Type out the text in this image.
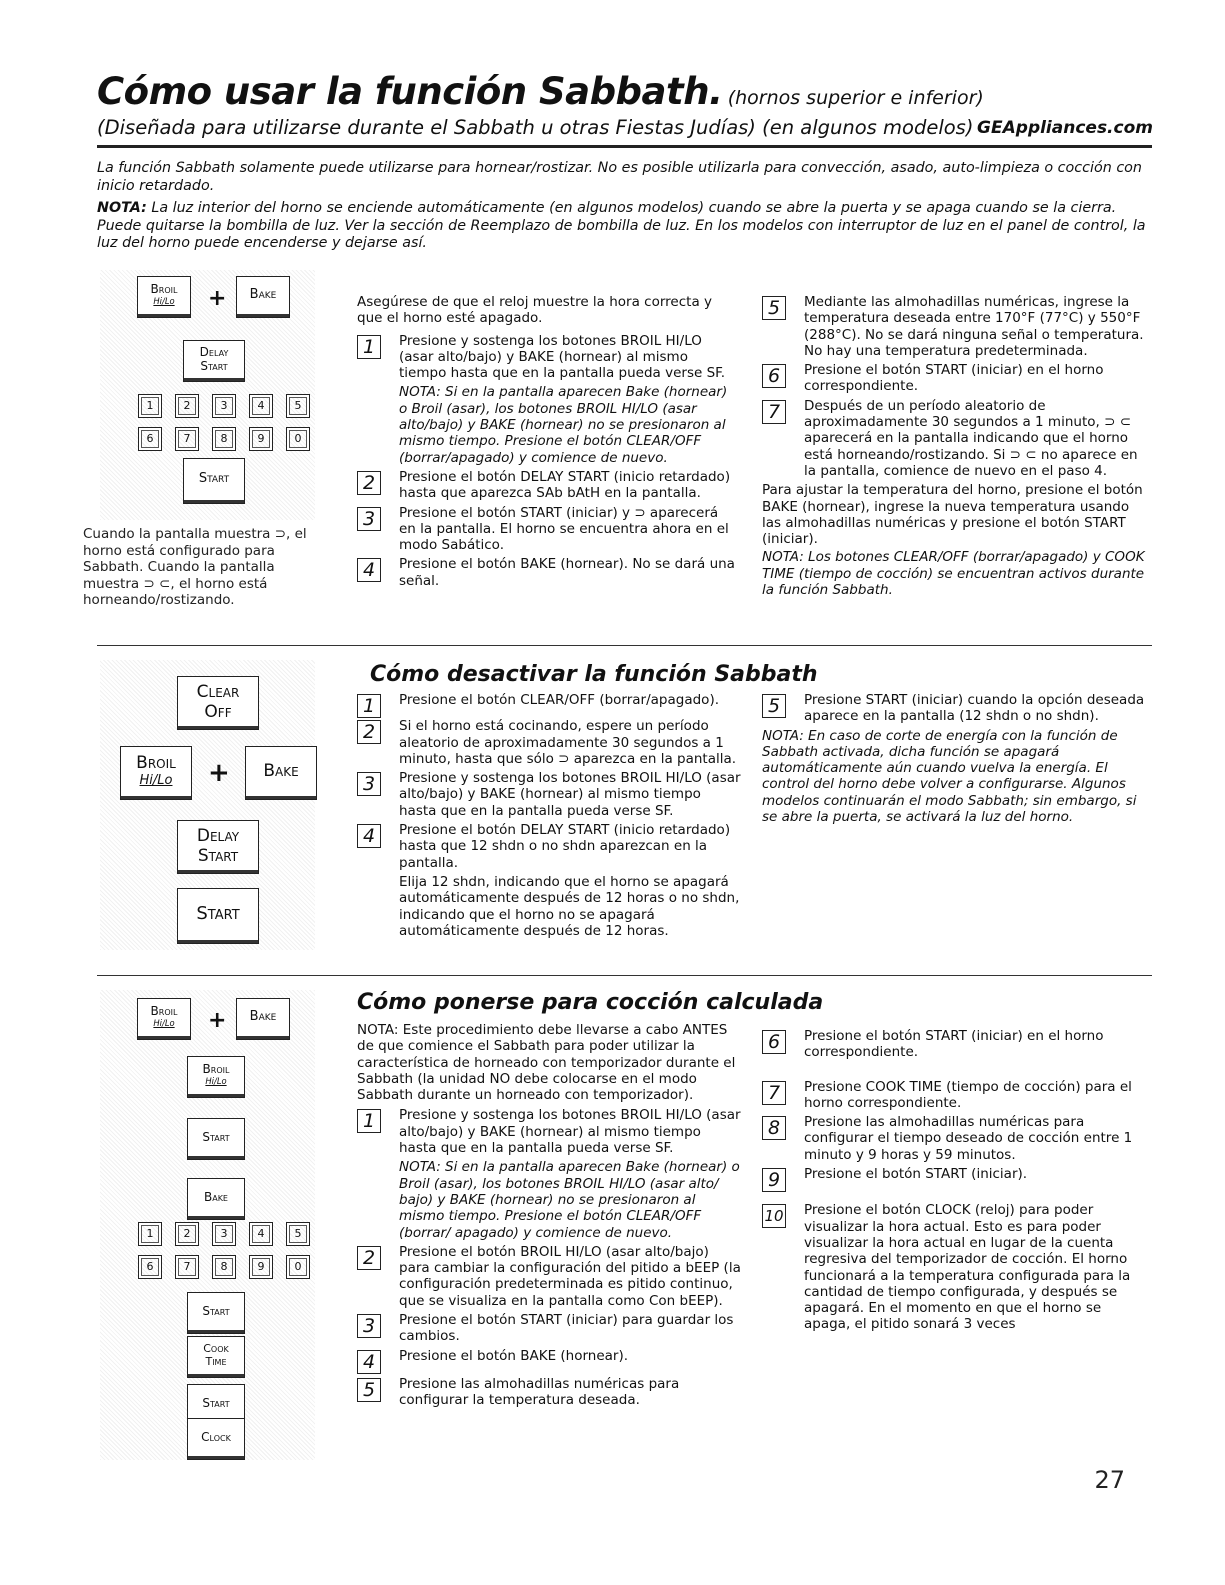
Cómo usar la función Sabbath. (hornos superior e inferior)
(Diseñada para utilizarse durante el Sabbath u otras Fiestas Judías) (en algunos modelos) GEAppliances.com
La función Sabbath solamente puede utilizarse para hornear/rostizar. No es posible utilizarla para convección, asado, auto-limpieza o cocción con inicio retardado.
NOTA: La luz interior del horno se enciende automáticamente (en algunos modelos) cuando se abre la puerta y se apaga cuando se la cierra. Puede quitarse la bombilla de luz. Ver la sección de Reemplazo de bombilla de luz. En los modelos con interruptor de luz en el panel de control, la luz del horno puede encenderse y dejarse así.
Broil
Hi/Lo	+	Bake
Delay
Start
1	2	3	4	5
6	7	8	9	0
Start
Cuando la pantalla muestra ⊃, el horno está configurado para Sabbath. Cuando la pantalla muestra ⊃ ⊂, el horno está horneando/rostizando.
Asegúrese de que el reloj muestre la hora correcta y que el horno esté apagado.
1	Presione y sostenga los botones BROIL HI/LO (asar alto/bajo) y BAKE (hornear) al mismo tiempo hasta que en la pantalla pueda verse SF.
NOTA: Si en la pantalla aparecen Bake (hornear) o Broil (asar), los botones BROIL HI/LO (asar alto/bajo) y BAKE (hornear) no se presionaron al mismo tiempo. Presione el botón CLEAR/OFF (borrar/apagado) y comience de nuevo.
2	Presione el botón DELAY START (inicio retardado) hasta que aparezca SAb bAtH en la pantalla.
3	Presione el botón START (iniciar) y ⊃ aparecerá en la pantalla. El horno se encuentra ahora en el modo Sabático.
4	Presione el botón BAKE (hornear). No se dará una señal.
5	Mediante las almohadillas numéricas, ingrese la temperatura deseada entre 170°F (77°C) y 550°F (288°C). No se dará ninguna señal o temperatura. No hay una temperatura predeterminada.
6	Presione el botón START (iniciar) en el horno correspondiente.
7	Después de un período aleatorio de aproximadamente 30 segundos a 1 minuto, ⊃ ⊂ aparecerá en la pantalla indicando que el horno está horneando/rostizando. Si ⊃ ⊂ no aparece en la pantalla, comience de nuevo en el paso 4.
Para ajustar la temperatura del horno, presione el botón BAKE (hornear), ingrese la nueva temperatura usando las almohadillas numéricas y presione el botón START (iniciar).
NOTA: Los botones CLEAR/OFF (borrar/apagado) y COOK TIME (tiempo de cocción) se encuentran activos durante la función Sabbath.
Clear
Off
Broil
Hi/Lo	+	Bake
Delay
Start
Start
Cómo desactivar la función Sabbath
1	Presione el botón CLEAR/OFF (borrar/apagado).
2	Si el horno está cocinando, espere un período aleatorio de aproximadamente 30 segundos a 1 minuto, hasta que sólo ⊃ aparezca en la pantalla.
3	Presione y sostenga los botones BROIL HI/LO (asar alto/bajo) y BAKE (hornear) al mismo tiempo hasta que en la pantalla pueda verse SF.
4	Presione el botón DELAY START (inicio retardado) hasta que 12 shdn o no shdn aparezcan en la pantalla.
Elija 12 shdn, indicando que el horno se apagará automáticamente después de 12 horas o no shdn, indicando que el horno no se apagará automáticamente después de 12 horas.
5	Presione START (iniciar) cuando la opción deseada aparece en la pantalla (12 shdn o no shdn).
NOTA: En caso de corte de energía con la función de Sabbath activada, dicha función se apagará automáticamente aún cuando vuelva la energía. El control del horno debe volver a configurarse. Algunos modelos continuarán el modo Sabbath; sin embargo, si se abre la puerta, se activará la luz del horno.
Broil
Hi/Lo	+	Bake
Broil
Hi/Lo
Start
Bake
1	2	3	4	5
6	7	8	9	0
Start
Cook
Time
Start
Clock
Cómo ponerse para cocción calculada
NOTA: Este procedimiento debe llevarse a cabo ANTES de que comience el Sabbath para poder utilizar la característica de horneado con temporizador durante el Sabbath (la unidad NO debe colocarse en el modo Sabbath durante un horneado con temporizador).
1	Presione y sostenga los botones BROIL HI/LO (asar alto/bajo) y BAKE (hornear) al mismo tiempo hasta que en la pantalla pueda verse SF.
NOTA: Si en la pantalla aparecen Bake (hornear) o Broil (asar), los botones BROIL HI/LO (asar alto/ bajo) y BAKE (hornear) no se presionaron al mismo tiempo. Presione el botón CLEAR/OFF (borrar/ apagado) y comience de nuevo.
2	Presione el botón BROIL HI/LO (asar alto/bajo) para cambiar la configuración del pitido a bEEP (la configuración predeterminada es pitido continuo, que se visualiza en la pantalla como Con bEEP).
3	Presione el botón START (iniciar) para guardar los cambios.
4	Presione el botón BAKE (hornear).
5	Presione las almohadillas numéricas para configurar la temperatura deseada.
6	Presione el botón START (iniciar) en el horno correspondiente.
7	Presione COOK TIME (tiempo de cocción) para el horno correspondiente.
8	Presione las almohadillas numéricas para configurar el tiempo deseado de cocción entre 1 minuto y 9 horas y 59 minutos.
9	Presione el botón START (iniciar).
10 Presione el botón CLOCK (reloj) para poder visualizar la hora actual. Esto es para poder visualizar la hora actual en lugar de la cuenta regresiva del temporizador de cocción. El horno funcionará a la temperatura configurada para la cantidad de tiempo configurada, y después se apagará. En el momento en que el horno se apaga, el pitido sonará 3 veces
27
